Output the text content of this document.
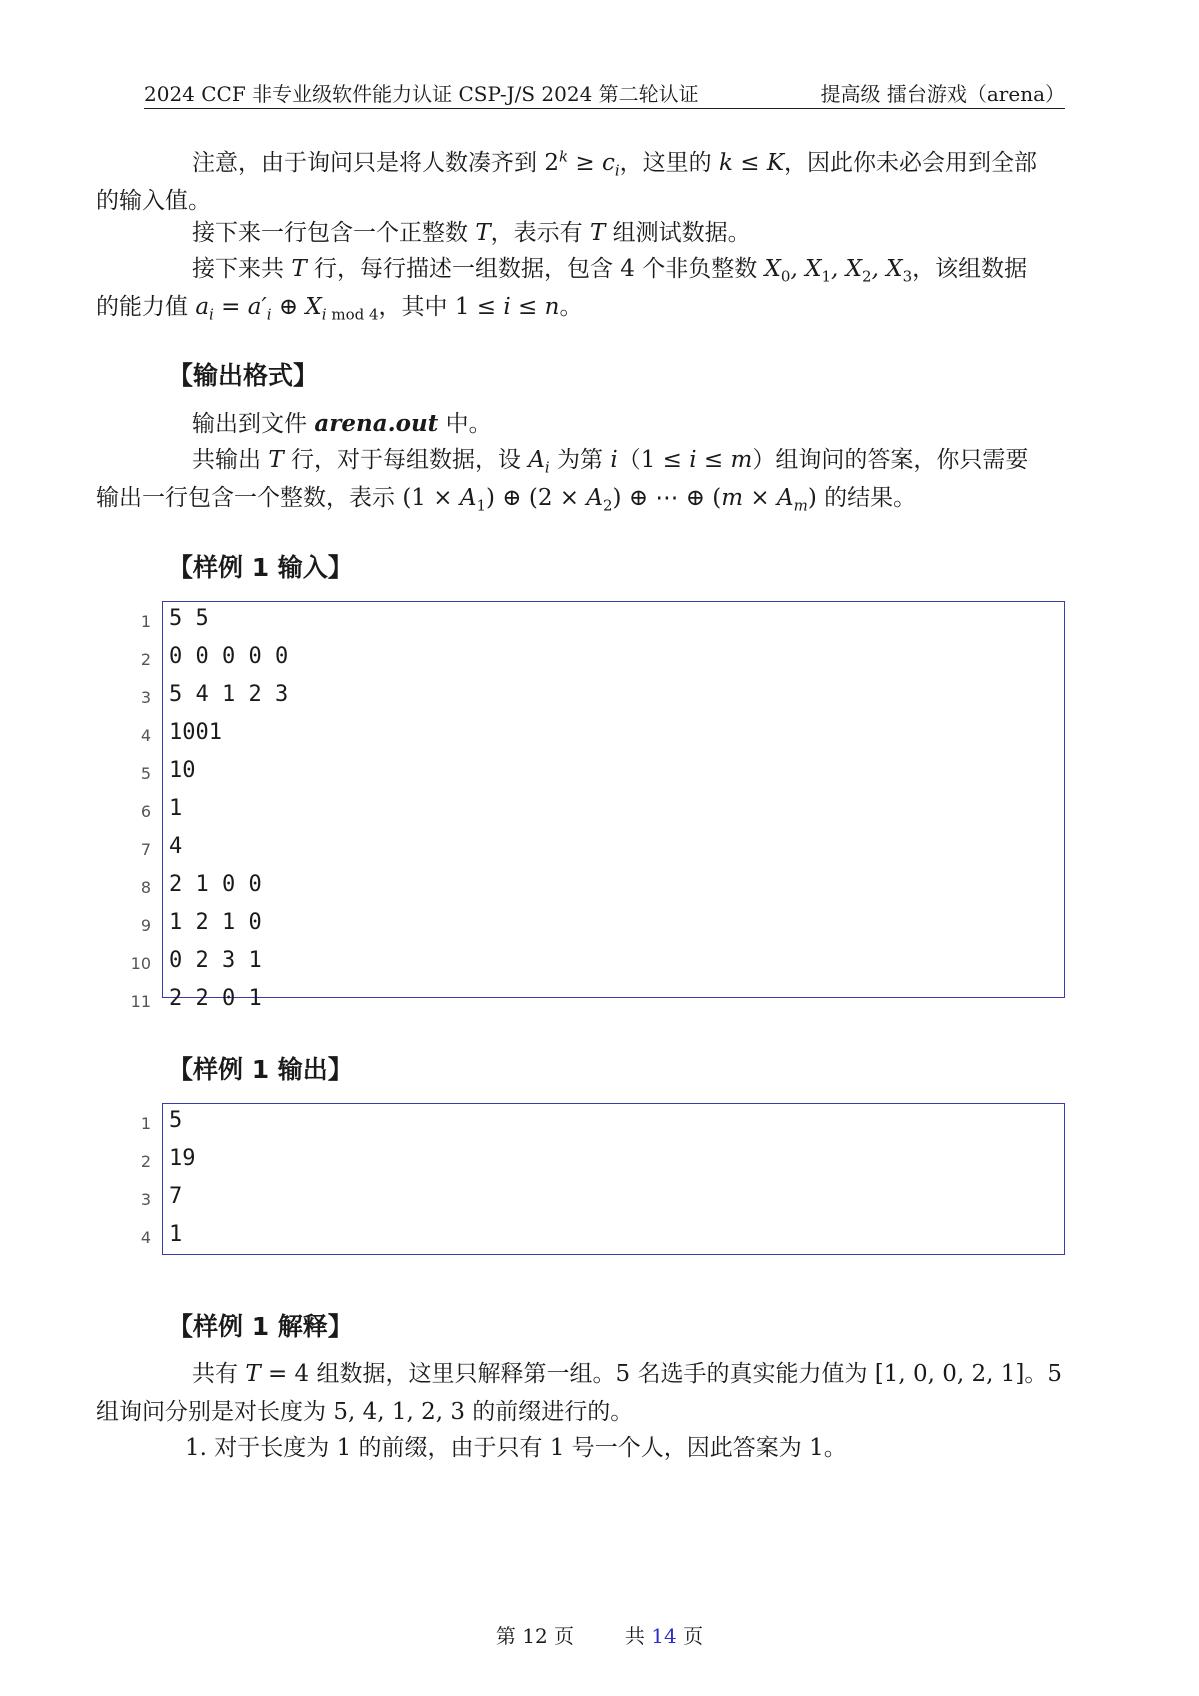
2024 CCF 非专业级软件能力认证 CSP-J/S 2024 第二轮认证	提高级 擂台游戏（arena）
注意，由于询问只是将人数凑齐到 $2^k \ge c_i$，这里的 k ≤ K，因此你未必会用到全部
的输入值。
接下来一行包含一个正整数 T，表示有 T 组测试数据。
接下来共 T 行，每行描述一组数据，包含 4 个非负整数 $X_0$, $X_1$, $X_2$, $X_3$，该组数据
的能力值 $a_i = a'_i$ ⊕ $X_{i mod 4}$，其中 1 ≤ i ≤ n。
【输出格式】
输出到文件 arena.out 中。
共输出 T 行，对于每组数据，设 $A_i$ 为第 i（1 ≤ i ≤ m）组询问的答案，你只需要
输出一行包含一个整数，表示 $(1 \times A_1)$ ⊕ $(2 \times A_2)$ ⊕ ⋯ ⊕ $(m \times A_m)$ 的结果。
【样例 1 输入】
1 5 5
2 0 0 0 0 0
3 5 4 1 2 3
4 1001
5 10
6 1
7 4
8 2 1 0 0
9 1 2 1 0
10 0 2 3 1
11 2 2 0 1
【样例 1 输出】
1 5
2 19
3 7
4 1
【样例 1 解释】
共有 T = 4 组数据，这里只解释第一组。5 名选手的真实能力值为 [1, 0, 0, 2, 1]。5
组询问分别是对长度为 5, 4, 1, 2, 3 的前缀进行的。
1. 对于长度为 1 的前缀，由于只有 1 号一个人，因此答案为 1。
第 12 页	共 14 页
